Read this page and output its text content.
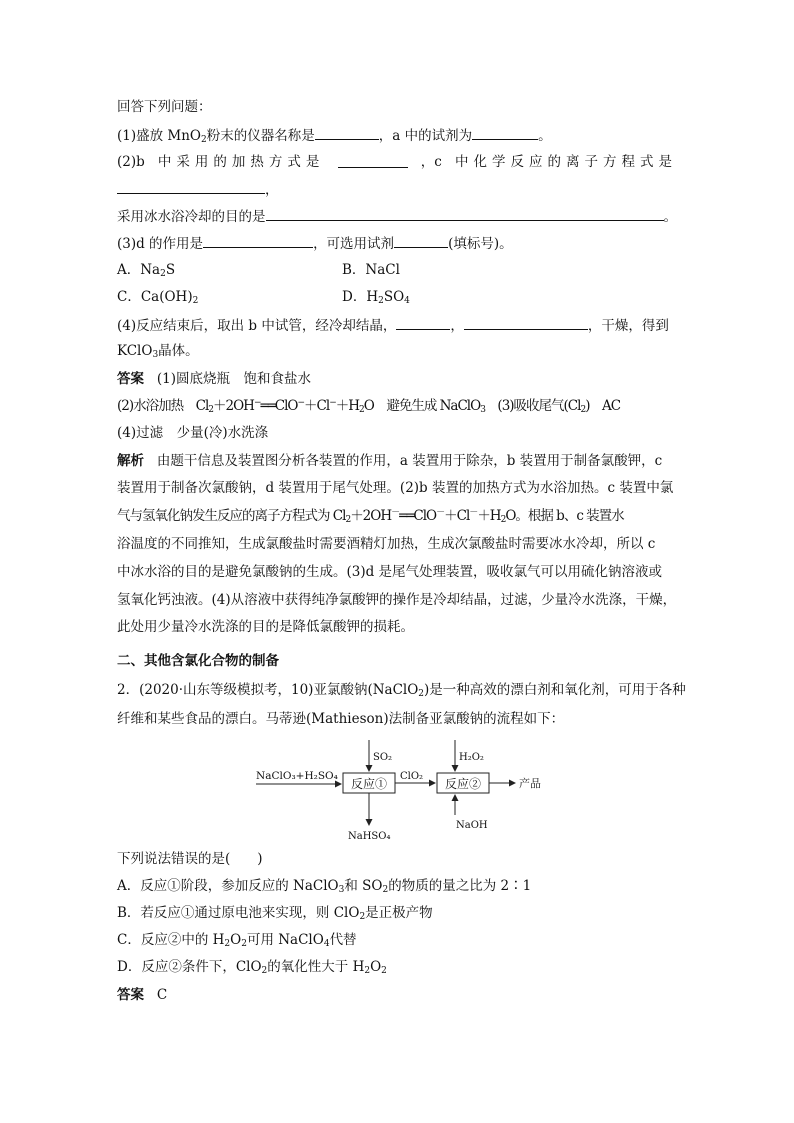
回答下列问题：
(1)盛放 MnO$_2$粉末的仪器名称是	，a 中的试剂为	。
(2)b 中采用的加热方式是	，c 中化学反应的离子方程式是
，
采用冰水浴冷却的目的是	。
(3)d 的作用是	，可选用试剂	(填标号)。
A．$Na_2S$	B．NaCl
C．$Ca(OH)_2$	D．$H_2SO_4$
(4)反应结束后，取出 b 中试管，经冷却结晶，	，	，干燥，得到
KClO$_3$晶体。
答案 (1)圆底烧瓶　饱和食盐水
(2)水浴加热　$Cl_2+2OH^-══ClO^-+Cl^-+H_2O$　避免生成 NaClO$_3$　(3)吸收尾气$(Cl_2)$　AC
(4)过滤　少量(冷)水洗涤
解析 由题干信息及装置图分析各装置的作用，a 装置用于除杂，b 装置用于制备氯酸钾，c
装置用于制备次氯酸钠，d 装置用于尾气处理。(2)b 装置的加热方式为水浴加热。c 装置中氯
气与氢氧化钠发生反应的离子方程式为 $Cl_2+2OH^-══ClO^-+Cl^-+H_2O$。根据 b、c 装置水
浴温度的不同推知，生成氯酸盐时需要酒精灯加热，生成次氯酸盐时需要冰水冷却，所以 c
中冰水浴的目的是避免氯酸钠的生成。(3)d 是尾气处理装置，吸收氯气可以用硫化钠溶液或
氢氧化钙浊液。(4)从溶液中获得纯净氯酸钾的操作是冷却结晶，过滤，少量冷水洗涤，干燥，
此处用少量冷水洗涤的目的是降低氯酸钾的损耗。
二、其他含氯化合物的制备
2．(2020·山东等级模拟考，10)亚氯酸钠(NaClO$_2$)是一种高效的漂白剂和氧化剂，可用于各种
纤维和某些食品的漂白。马蒂逊(Mathieson)法制备亚氯酸钠的流程如下：
NaClO₃+H₂SO₄
反应①
SO₂
NaHSO₄
ClO₂
反应②
H₂O₂
NaOH
产品
下列说法错误的是(　　)
A．反应①阶段，参加反应的 NaClO$_3$和 $SO_2$的物质的量之比为 2∶1
B．若反应①通过原电池来实现，则 ClO$_2$是正极产物
C．反应②中的 $H_2O_2$可用 NaClO$_4$代替
D．反应②条件下，ClO$_2$的氧化性大于 $H_2O_2$
答案 C
